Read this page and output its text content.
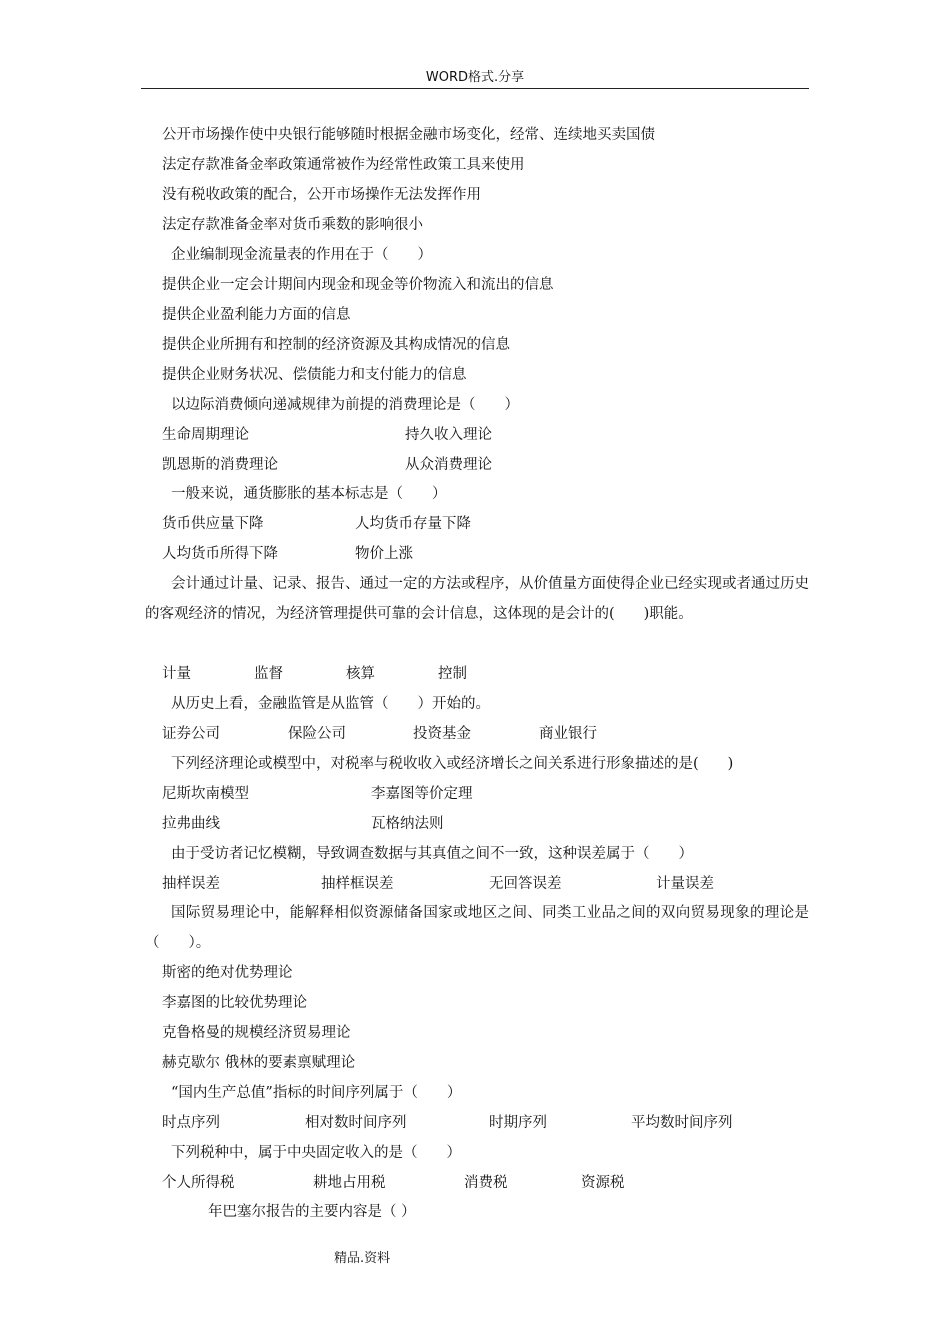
WORD格式.分享
公开市场操作使中央银行能够随时根据金融市场变化，经常、连续地买卖国债
法定存款准备金率政策通常被作为经常性政策工具来使用
没有税收政策的配合，公开市场操作无法发挥作用
法定存款准备金率对货币乘数的影响很小
企业编制现金流量表的作用在于（　　）
提供企业一定会计期间内现金和现金等价物流入和流出的信息
提供企业盈利能力方面的信息
提供企业所拥有和控制的经济资源及其构成情况的信息
提供企业财务状况、偿债能力和支付能力的信息
以边际消费倾向递减规律为前提的消费理论是（　　）
生命周期理论	持久收入理论
凯恩斯的消费理论	从众消费理论
一般来说，通货膨胀的基本标志是（　　）
货币供应量下降	人均货币存量下降
人均货币所得下降	物价上涨
会计通过计量、记录、报告、通过一定的方法或程序，从价值量方面使得企业已经实现或者通过历史的客观经济的情况，为经济管理提供可靠的会计信息，这体现的是会计的(　　)职能。
计量	监督	核算	控制
从历史上看，金融监管是从监管（　　）开始的。
证券公司	保险公司	投资基金	商业银行
下列经济理论或模型中，对税率与税收收入或经济增长之间关系进行形象描述的是(　　)
尼斯坎南模型	李嘉图等价定理
拉弗曲线	瓦格纳法则
由于受访者记忆模糊，导致调查数据与其真值之间不一致，这种误差属于（　　）
抽样误差	抽样框误差	无回答误差	计量误差
国际贸易理论中，能解释相似资源储备国家或地区之间、同类工业品之间的双向贸易现象的理论是（　　）。
斯密的绝对优势理论
李嘉图的比较优势理论
克鲁格曼的规模经济贸易理论
赫克歇尔 俄林的要素禀赋理论
“国内生产总值”指标的时间序列属于（　　）
时点序列	相对数时间序列	时期序列	平均数时间序列
下列税种中，属于中央固定收入的是（　　）
个人所得税	耕地占用税	消费税	资源税
年巴塞尔报告的主要内容是（ ）
精品.资料
